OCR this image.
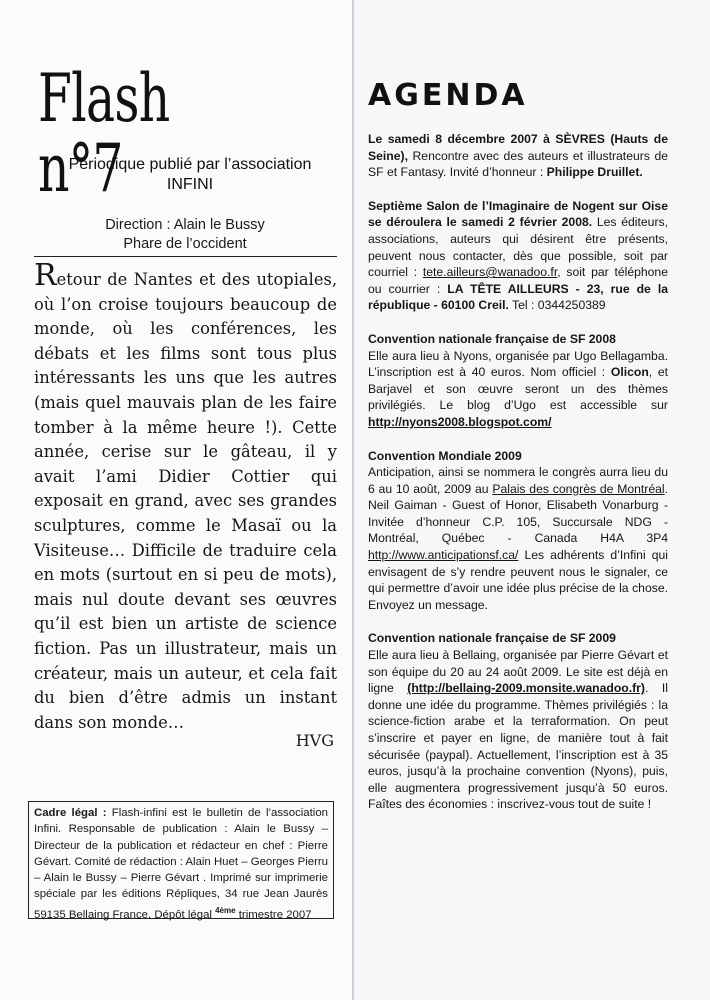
Flash n°7
Périodique publié par l’association
INFINI
Direction : Alain le Bussy
Phare de l’occident
Retour de Nantes et des utopiales, où l’on croise toujours beaucoup de monde, où les conférences, les débats et les films sont tous plus intéressants les uns que les autres (mais quel mauvais plan de les faire tomber à la même heure !). Cette année, cerise sur le gâteau, il y avait l’ami Didier Cottier qui exposait en grand, avec ses grandes sculptures, comme le Masaï ou la Visiteuse… Difficile de traduire cela en mots (surtout en si peu de mots), mais nul doute devant ses œuvres qu’il est bien un artiste de science fiction. Pas un illustrateur, mais un créateur, mais un auteur, et cela fait du bien d’être admis un instant dans son monde…
HVG
Cadre légal : Flash-infini est le bulletin de l’association Infini. Responsable de publication : Alain le Bussy – Directeur de la publication et rédacteur en chef : Pierre Gévart. Comité de rédaction : Alain Huet – Georges Pierru – Alain le Bussy – Pierre Gévart . Imprimé sur imprimerie spéciale par les éditions Répliques, 34 rue Jean Jaurès 59135 Bellaing France. Dépôt légal $^{4ème}$ trimestre 2007
AGENDA
Le samedi 8 décembre 2007 à SÈVRES (Hauts de Seine), Rencontre avec des auteurs et illustrateurs de SF et Fantasy. Invité d’honneur : Philippe Druillet.
Septième Salon de l’Imaginaire de Nogent sur Oise se déroulera le samedi 2 février 2008. Les éditeurs, associations, auteurs qui désirent être présents, peuvent nous contacter, dès que possible, soit par courriel : tete.ailleurs@wanadoo.fr, soit par téléphone ou courrier : LA TÊTE AILLEURS - 23, rue de la république - 60100 Creil. Tel : 0344250389
Convention nationale française de SF 2008
Elle aura lieu à Nyons, organisée par Ugo Bellagamba. L’inscription est à 40 euros. Nom officiel : Olicon, et Barjavel et son œuvre seront un des thèmes privilégiés. Le blog d’Ugo est accessible sur http://nyons2008.blogspot.com/
Convention Mondiale 2009
Anticipation, ainsi se nommera le congrès aurra lieu du 6 au 10 août, 2009 au Palais des congrès de Montréal. Neil Gaiman - Guest of Honor, Elisabeth Vonarburg - Invitée d’honneur C.P. 105, Succursale NDG - Montréal, Québec - Canada H4A 3P4 http://www.anticipationsf.ca/ Les adhérents d’Infini qui envisagent de s’y rendre peuvent nous le signaler, ce qui permettre d’avoir une idée plus précise de la chose. Envoyez un message.
Convention nationale française de SF 2009
Elle aura lieu à Bellaing, organisée par Pierre Gévart et son équipe du 20 au 24 août 2009. Le site est déjà en ligne (http://bellaing-2009.monsite.wanadoo.fr). Il donne une idée du programme. Thèmes privilégiés : la science-fiction arabe et la terraformation. On peut s’inscrire et payer en ligne, de manière tout à fait sécurisée (paypal). Actuellement, l’inscription est à 35 euros, jusqu’à la prochaine convention (Nyons), puis, elle augmentera progressivement jusqu’à 50 euros. Faîtes des économies : inscrivez-vous tout de suite !
